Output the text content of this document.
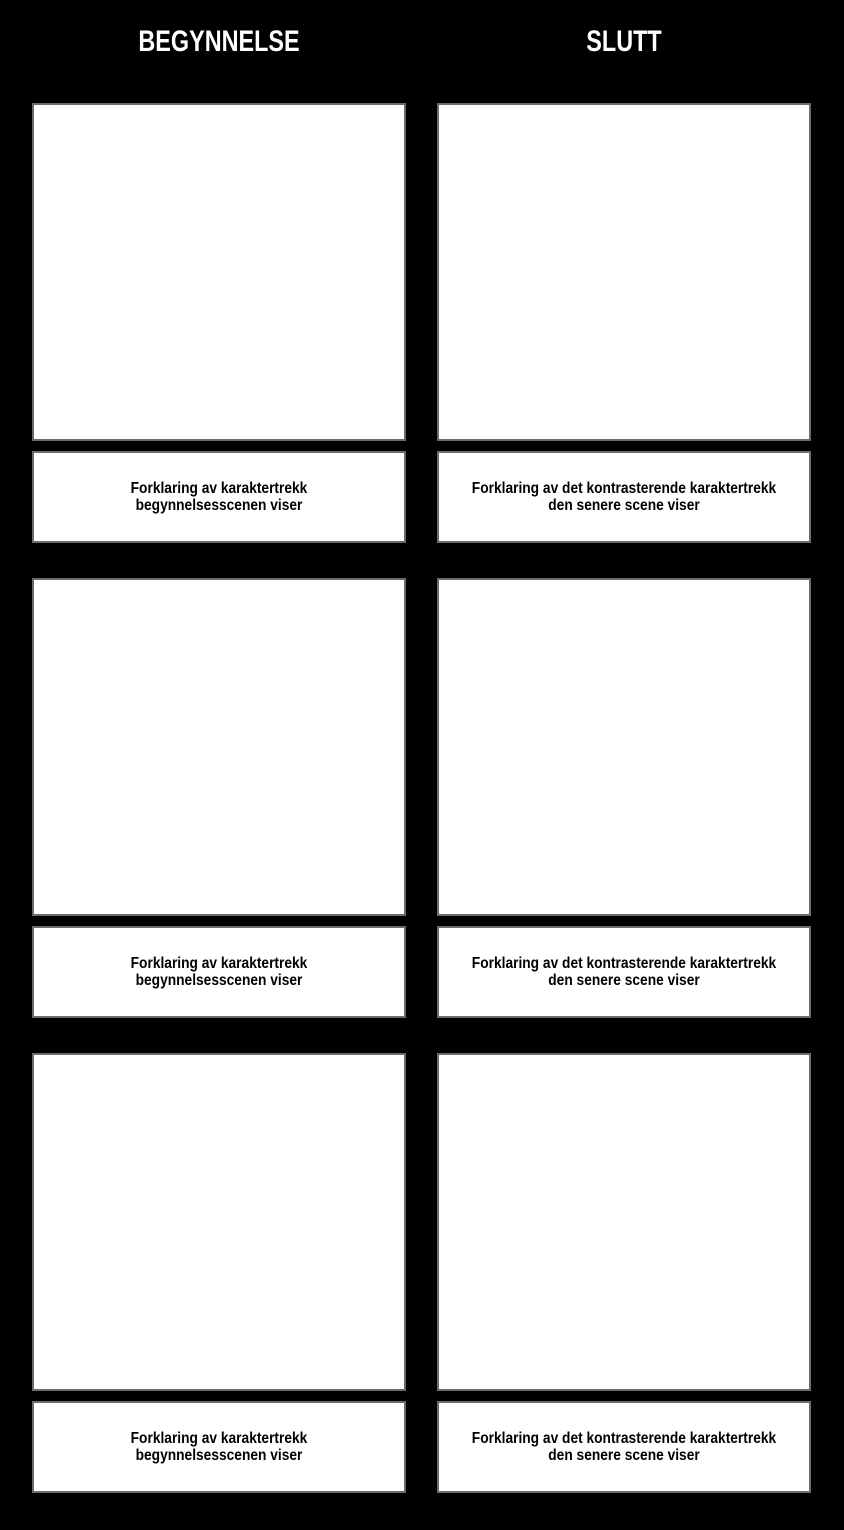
BEGYNNELSE	SLUTT
Forklaring av karaktertrekk begynnelsesscenen viser
Forklaring av det kontrasterende karaktertrekk den senere scene viser
Forklaring av karaktertrekk begynnelsesscenen viser
Forklaring av det kontrasterende karaktertrekk den senere scene viser
Forklaring av karaktertrekk begynnelsesscenen viser
Forklaring av det kontrasterende karaktertrekk den senere scene viser
